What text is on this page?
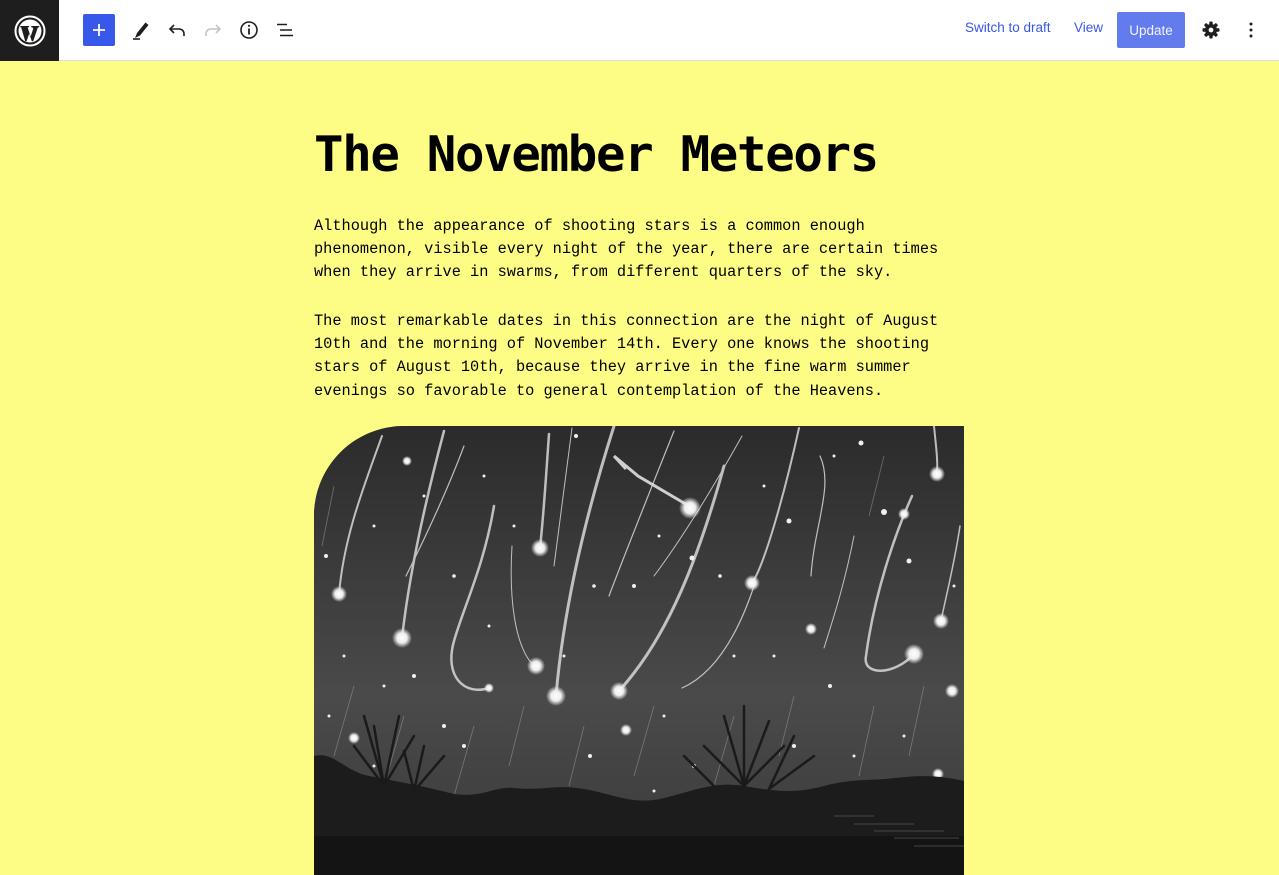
Switch to draft View	Update
The November Meteors

Although the appearance of shooting stars is a common enough phenomenon, visible every night of the year, there are certain times when they arrive in swarms, from different quarters of the sky.

The most remarkable dates in this connection are the night of August 10th and the morning of November 14th. Every one knows the shooting stars of August 10th, because they arrive in the fine warm summer evenings so favorable to general contemplation of the Heavens.
